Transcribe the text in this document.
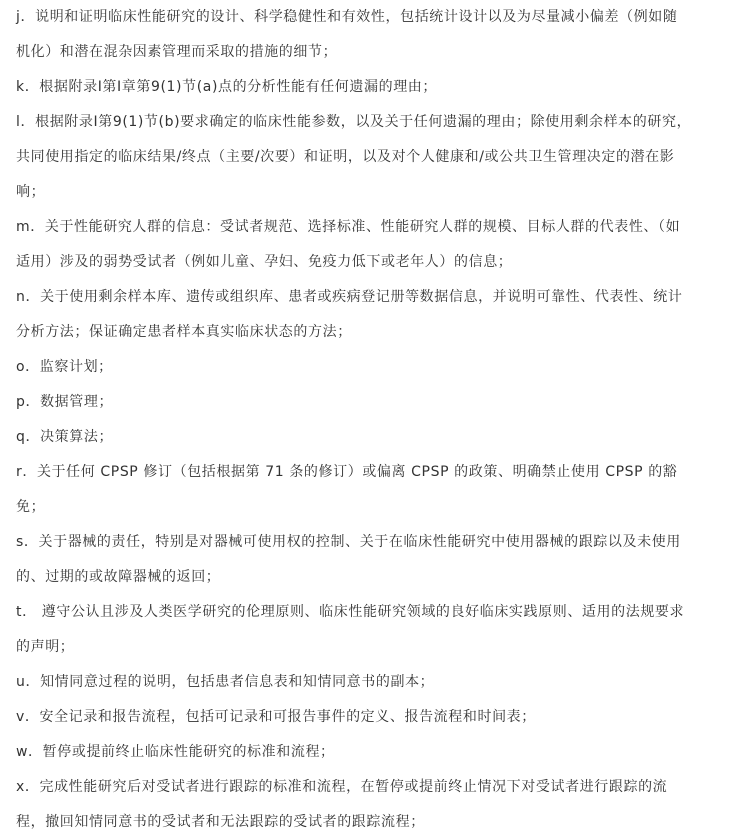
j．说明和证明临床性能研究的设计、科学稳健性和有效性，包括统计设计以及为尽量减小偏差（例如随机化）和潜在混杂因素管理而采取的措施的细节；

k．根据附录I第I章第9(1)节(a)点的分析性能有任何遗漏的理由；

l．根据附录I第9(1)节(b)要求确定的临床性能参数，以及关于任何遗漏的理由；除使用剩余样本的研究，共同使用指定的临床结果/终点（主要/次要）和证明，以及对个人健康和/或公共卫生管理决定的潜在影响；

m．关于性能研究人群的信息：受试者规范、选择标准、性能研究人群的规模、目标人群的代表性、（如适用）涉及的弱势受试者（例如儿童、孕妇、免疫力低下或老年人）的信息；

n．关于使用剩余样本库、遗传或组织库、患者或疾病登记册等数据信息，并说明可靠性、代表性、统计分析方法；保证确定患者样本真实临床状态的方法；

o．监察计划；

p．数据管理；

q．决策算法；

r．关于任何 CPSP 修订（包括根据第 71 条的修订）或偏离 CPSP 的政策、明确禁止使用 CPSP 的豁免；

s．关于器械的责任，特别是对器械可使用权的控制、关于在临床性能研究中使用器械的跟踪以及未使用的、过期的或故障器械的返回；

t． 遵守公认且涉及人类医学研究的伦理原则、临床性能研究领域的良好临床实践原则、适用的法规要求的声明；

u．知情同意过程的说明，包括患者信息表和知情同意书的副本；

v．安全记录和报告流程，包括可记录和可报告事件的定义、报告流程和时间表；

w．暂停或提前终止临床性能研究的标准和流程；

x．完成性能研究后对受试者进行跟踪的标准和流程，在暂停或提前终止情况下对受试者进行跟踪的流程，撤回知情同意书的受试者和无法跟踪的受试者的跟踪流程；
